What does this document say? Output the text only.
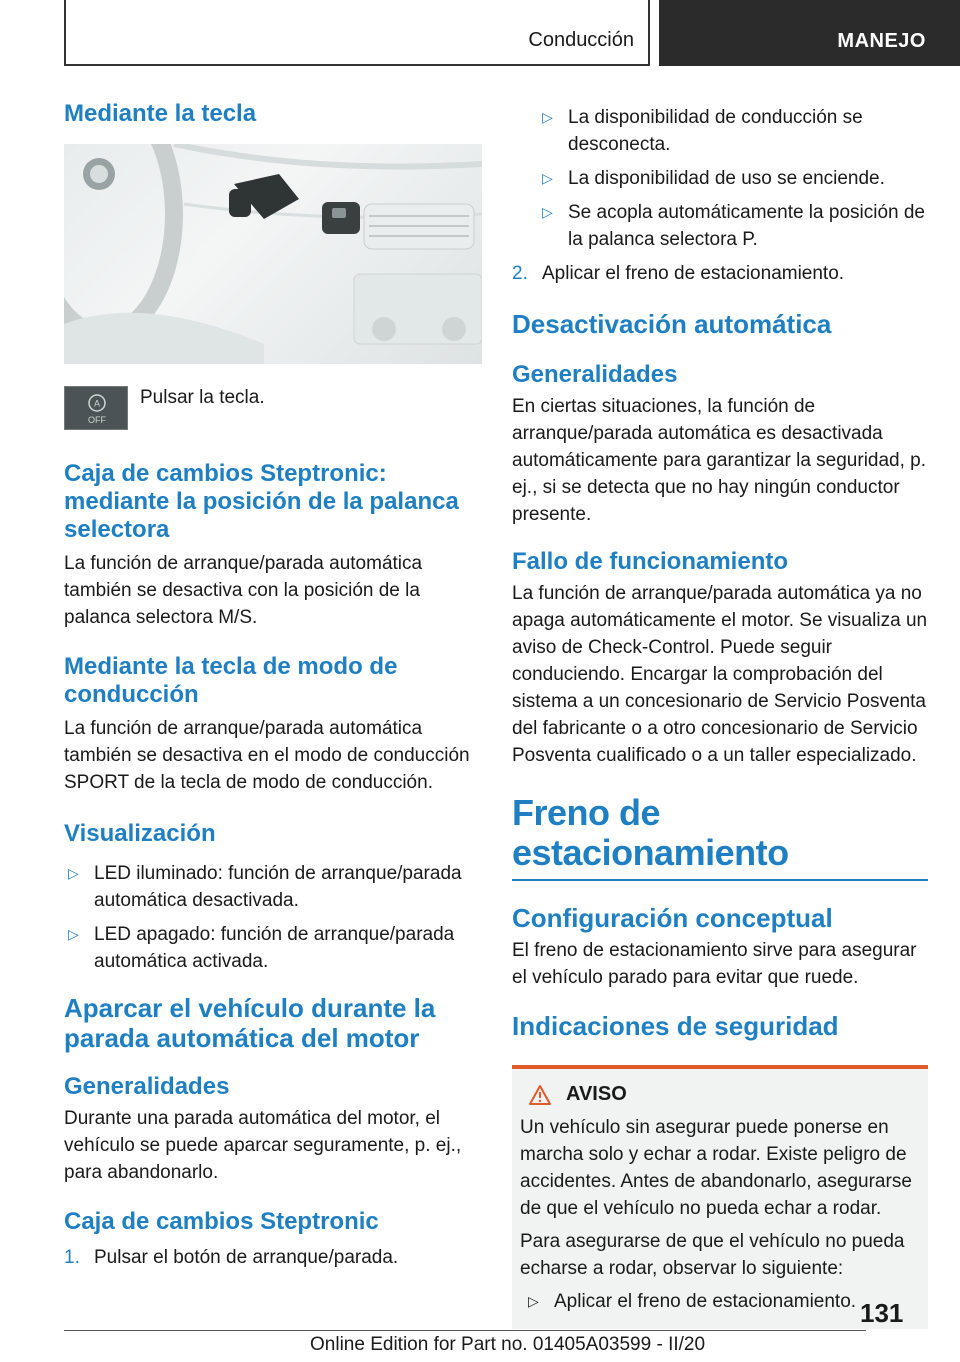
Conducción	MANEJO
Mediante la tecla
A
OFF

Pulsar la tecla.

Caja de cambios Steptronic: mediante la posición de la palanca selectora

La función de arranque/parada automática también se desactiva con la posición de la palanca selectora M/S.

Mediante la tecla de modo de conducción

La función de arranque/parada automática también se desactiva en el modo de conducción SPORT de la tecla de modo de conducción.

Visualización
▷ LED iluminado: función de arranque/parada automática desactivada.
▷ LED apagado: función de arranque/parada automática activada.
Aparcar el vehículo durante la parada automática del motor
Generalidades

Durante una parada automática del motor, el vehículo se puede aparcar seguramente, p. ej., para abandonarlo.

Caja de cambios Steptronic
1. Pulsar el botón de arranque/parada.
▷ La disponibilidad de conducción se desconecta.
▷ La disponibilidad de uso se enciende.
▷ Se acopla automáticamente la posición de la palanca selectora P.
2. Aplicar el freno de estacionamiento.
Desactivación automática
Generalidades

En ciertas situaciones, la función de arranque/parada automática es desactivada automáticamente para garantizar la seguridad, p. ej., si se detecta que no hay ningún conductor presente.

Fallo de funcionamiento

La función de arranque/parada automática ya no apaga automáticamente el motor. Se visualiza un aviso de Check-Control. Puede seguir conduciendo. Encargar la comprobación del sistema a un concesionario de Servicio Posventa del fabricante o a otro concesionario de Servicio Posventa cualificado o a un taller especializado.

Freno de estacionamiento
Configuración conceptual

El freno de estacionamiento sirve para asegurar el vehículo parado para evitar que ruede.

Indicaciones de seguridad
AVISO

Un vehículo sin asegurar puede ponerse en marcha solo y echar a rodar. Existe peligro de accidentes. Antes de abandonarlo, asegurarse de que el vehículo no pueda echar a rodar.

Para asegurarse de que el vehículo no pueda echarse a rodar, observar lo siguiente:

▷ Aplicar el freno de estacionamiento. 131
Online Edition for Part no. 01405A03599 - II/20
